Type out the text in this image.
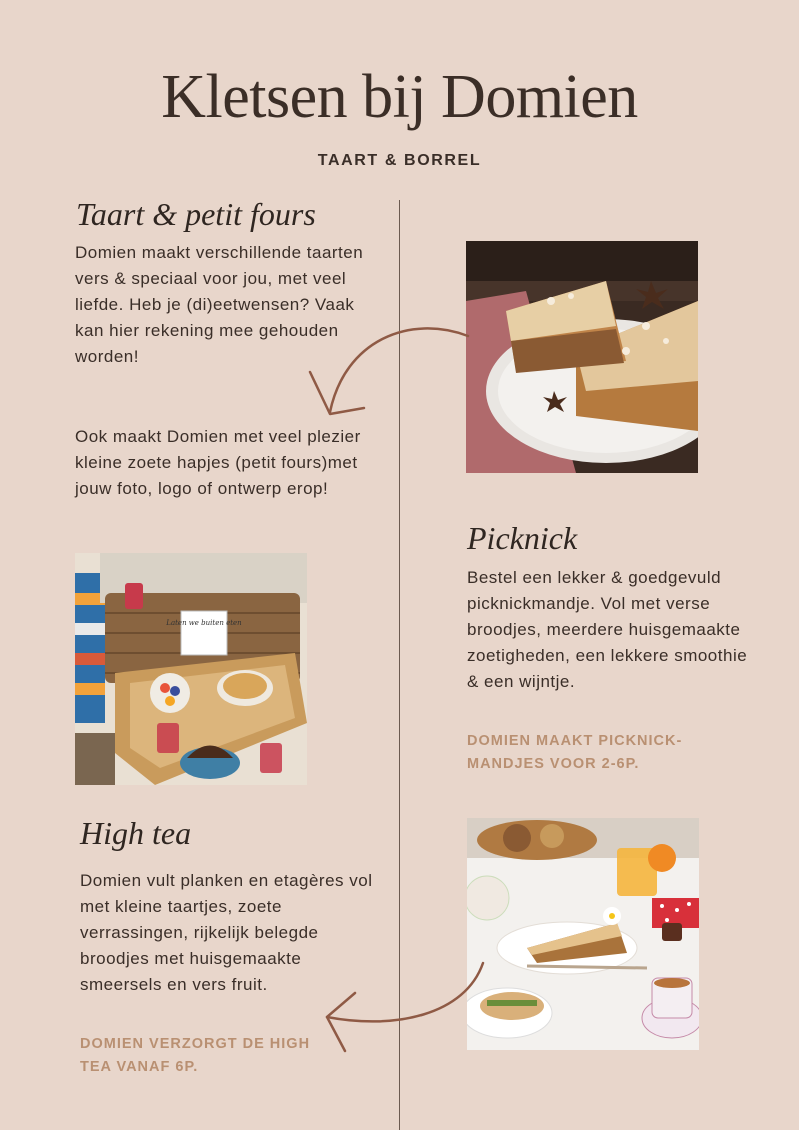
Kletsen bij Domien
TAART & BORREL
Taart & petit fours

Domien maakt verschillende taarten vers & speciaal voor jou, met veel liefde. Heb je (di)eetwensen? Vaak kan hier rekening mee gehouden worden!

Ook maakt Domien met veel plezier kleine zoete hapjes (petit fours)met jouw foto, logo of ontwerp erop!

Laten we buiten eten
Picknick

Bestel een lekker & goedgevuld picknickmandje. Vol met verse broodjes, meerdere huisgemaakte zoetigheden, een lekkere smoothie & een wijntje.

DOMIEN MAAKT PICKNICK-MANDJES VOOR 2-6P.

High tea

Domien vult planken en etagères vol met kleine taartjes, zoete verrassingen, rijkelijk belegde broodjes met huisgemaakte smeersels en vers fruit.

DOMIEN VERZORGT DE HIGH TEA VANAF 6P.
